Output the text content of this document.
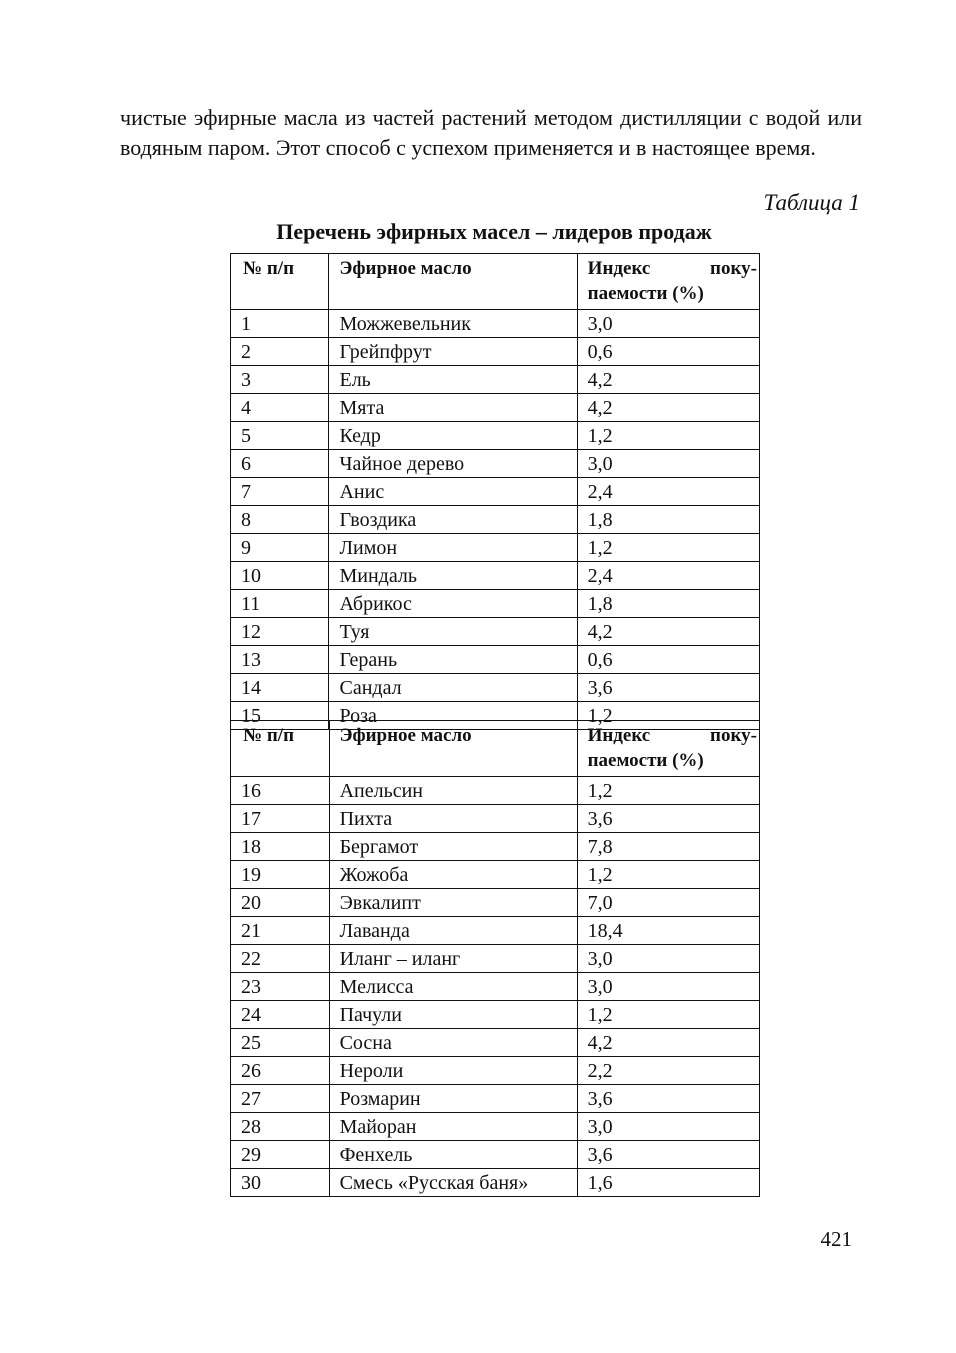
чистые эфирные масла из частей растений методом дистилляции с водой или водяным паром. Этот способ с успехом применяется и в настоящее время.

Таблица 1
Перечень эфирных масел – лидеров продаж
№ п/п	Эфирное масло	Индекс поку-
паемости (%)

1	Можжевельник	3,0
2	Грейпфрут	0,6
3	Ель	4,2
4	Мята	4,2
5	Кедр	1,2
6	Чайное дерево	3,0
7	Анис	2,4
8	Гвоздика	1,8
9	Лимон	1,2
10	Миндаль	2,4
11	Абрикос	1,8
12	Туя	4,2
13	Герань	0,6
14	Сандал	3,6
15	Роза	1,2
№ п/п	Эфирное масло	Индекс поку-
паемости (%)

16	Апельсин	1,2
17	Пихта	3,6
18	Бергамот	7,8
19	Жожоба	1,2
20	Эвкалипт	7,0
21	Лаванда	18,4
22	Иланг – иланг	3,0
23	Мелисса	3,0
24	Пачули	1,2
25	Сосна	4,2
26	Нероли	2,2
27	Розмарин	3,6
28	Майоран	3,0
29	Фенхель	3,6
30	Смесь «Русская баня»	1,6
421
